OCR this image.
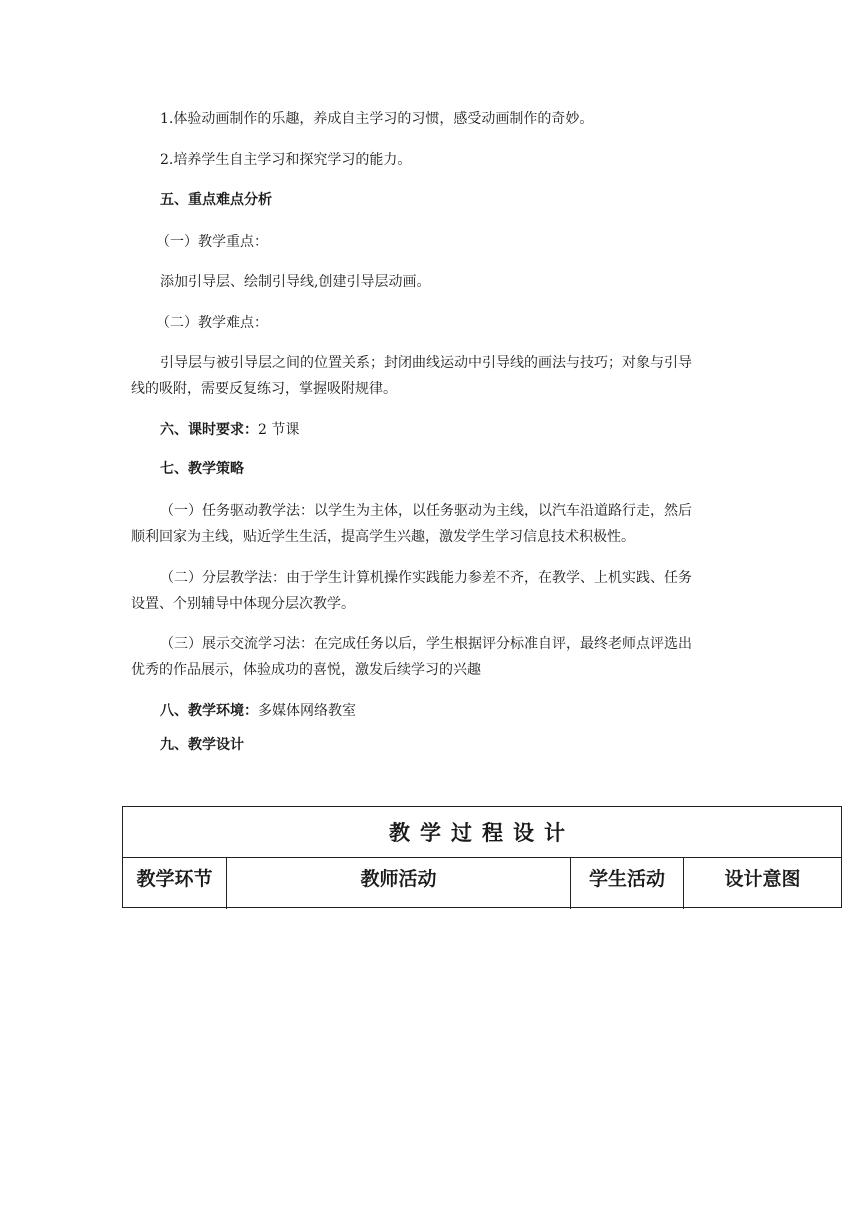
1.体验动画制作的乐趣，养成自主学习的习惯，感受动画制作的奇妙。
2.培养学生自主学习和探究学习的能力。
五、重点难点分析
（一）教学重点：
添加引导层、绘制引导线,创建引导层动画。
（二）教学难点：
引导层与被引导层之间的位置关系；封闭曲线运动中引导线的画法与技巧；对象与引导
线的吸附，需要反复练习，掌握吸附规律。
六、课时要求：2 节课
七、教学策略
（一）任务驱动教学法：以学生为主体，以任务驱动为主线，以汽车沿道路行走，然后
顺利回家为主线，贴近学生生活，提高学生兴趣，激发学生学习信息技术积极性。
（二）分层教学法：由于学生计算机操作实践能力参差不齐，在教学、上机实践、任务
设置、个别辅导中体现分层次教学。
（三）展示交流学习法：在完成任务以后，学生根据评分标准自评，最终老师点评选出
优秀的作品展示，体验成功的喜悦，激发后续学习的兴趣
八、教学环境：多媒体网络教室
九、教学设计
教学过程设计
教学环节	教师活动	学生活动	设计意图
